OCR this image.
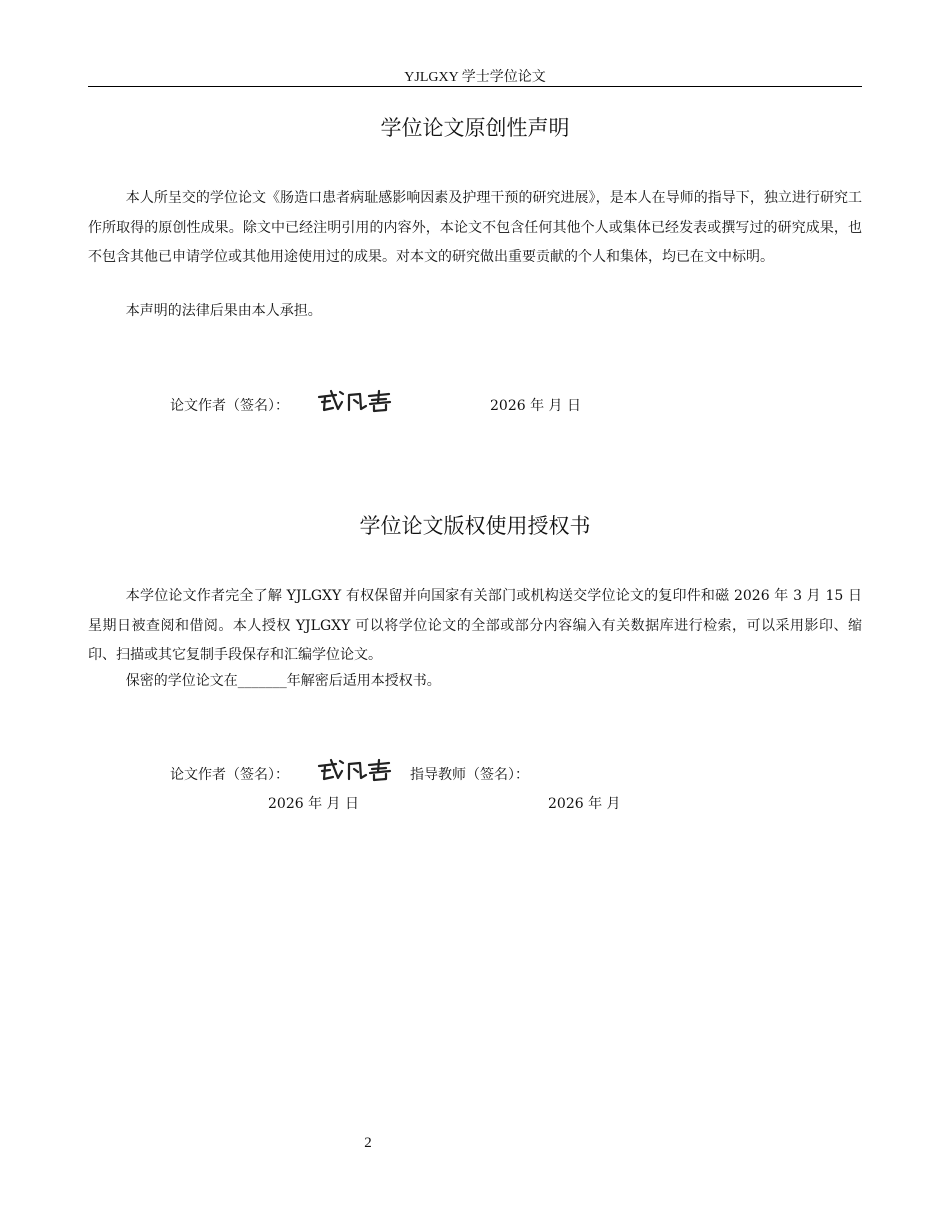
YJLGXY 学士学位论文
学位论文原创性声明

本人所呈交的学位论文《肠造口患者病耻感影响因素及护理干预的研究进展》，是本人在导师的指导下，独立进行研究工作所取得的原创性成果。除文中已经注明引用的内容外，本论文不包含任何其他个人或集体已经发表或撰写过的研究成果，也不包含其他已申请学位或其他用途使用过的成果。对本文的研究做出重要贡献的个人和集体，均已在文中标明。

本声明的法律后果由本人承担。

论文作者（签名）：	2026 年 月 日
学位论文版权使用授权书

本学位论文作者完全了解 YJLGXY 有权保留并向国家有关部门或机构送交学位论文的复印件和磁 2026 年 3 月 15 日星期日被查阅和借阅。本人授权 YJLGXY 可以将学位论文的全部或部分内容编入有关数据库进行检索，可以采用影印、缩印、扫描或其它复制手段保存和汇编学位论文。

保密的学位论文在_______年解密后适用本授权书。

论文作者（签名）：	指导教师（签名）：
2026 年 月 日	2026 年 月
2
